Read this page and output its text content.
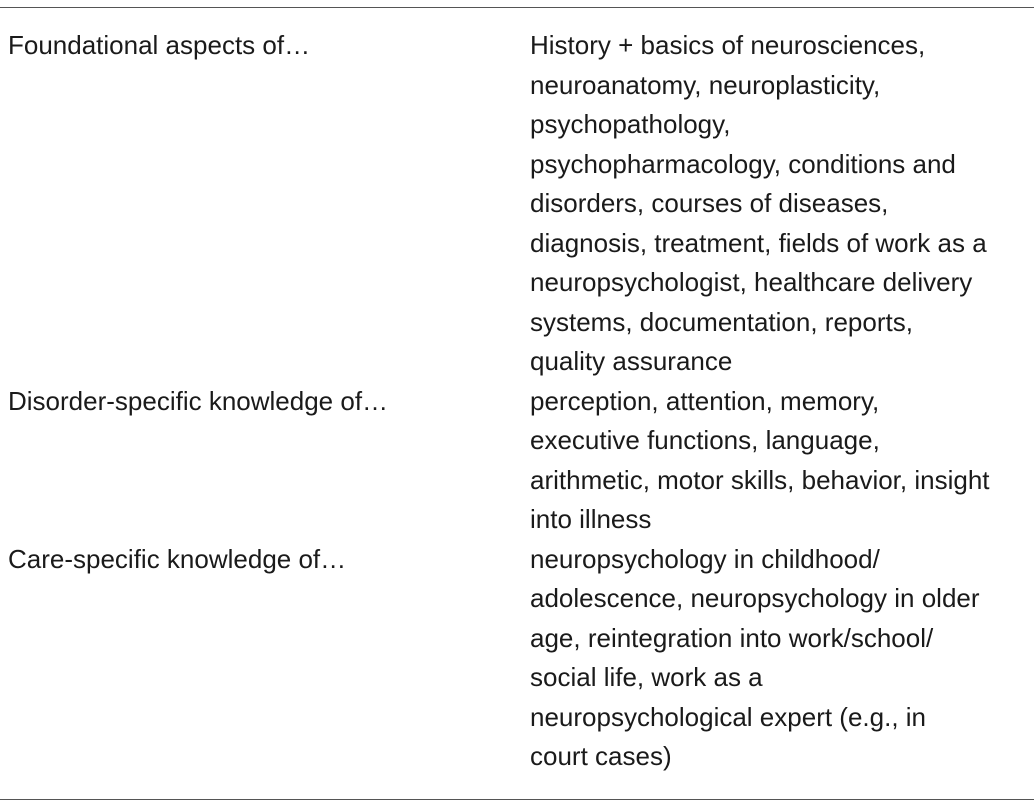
Foundational aspects of…	History + basics of neurosciences,
neuroanatomy, neuroplasticity,
psychopathology,
psychopharmacology, conditions and
disorders, courses of diseases,
diagnosis, treatment, fields of work as a
neuropsychologist, healthcare delivery
systems, documentation, reports,
quality assurance
Disorder-specific knowledge of…	perception, attention, memory,
executive functions, language,
arithmetic, motor skills, behavior, insight
into illness
Care-specific knowledge of…	neuropsychology in childhood/
adolescence, neuropsychology in older
age, reintegration into work/school/
social life, work as a
neuropsychological expert (e.g., in
court cases)
